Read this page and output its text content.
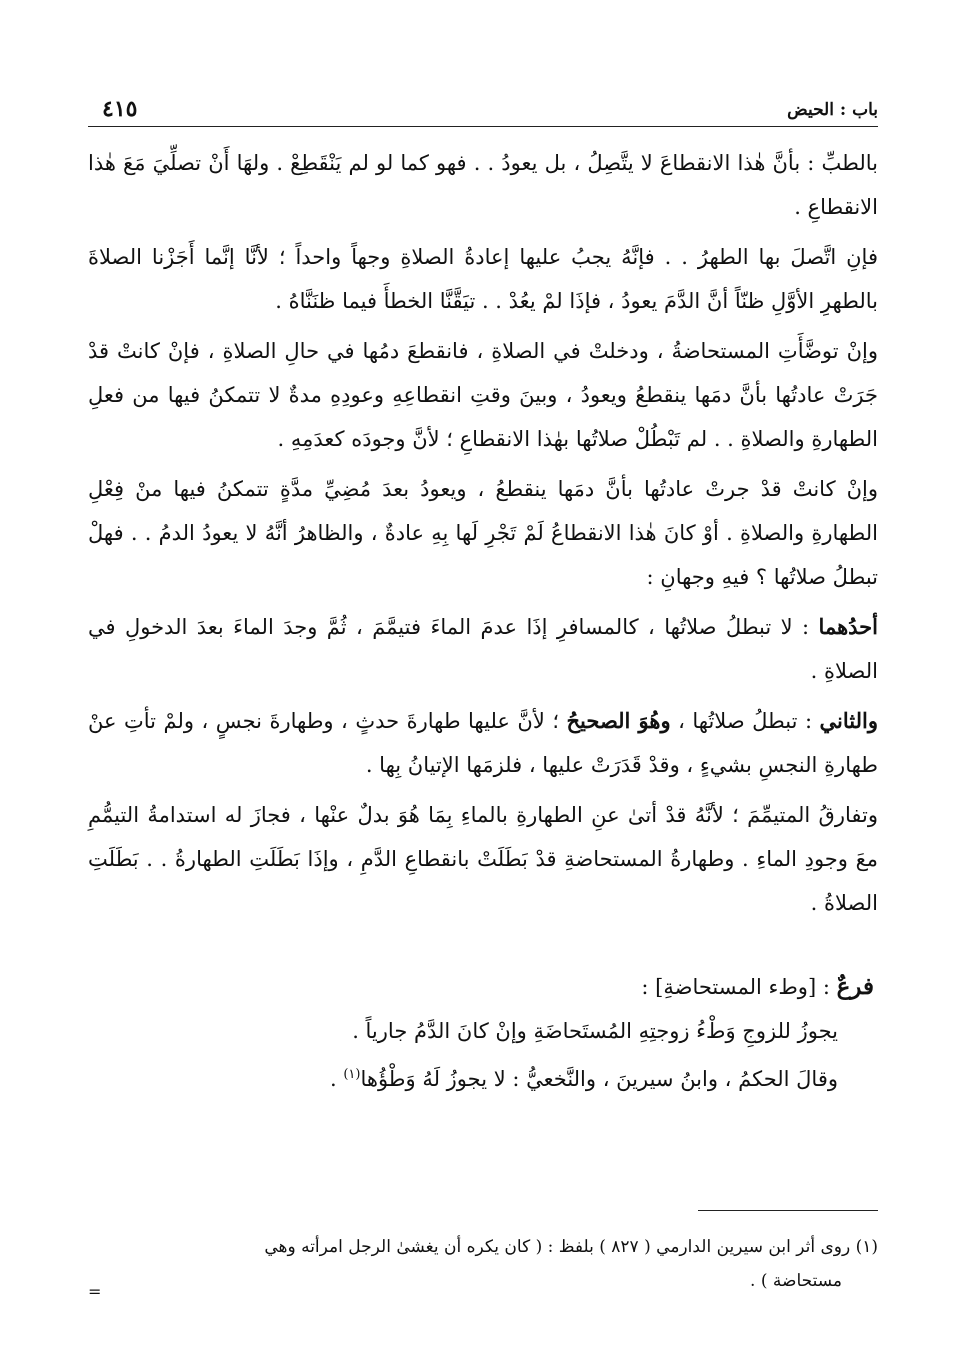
باب : الحيض
٤١٥

بالطبِّ : بأنَّ هٰذا الانقطاعَ لا يتَّصِلُ ، بل يعودُ . . فهو كما لو لم يَنْقَطِعْ . ولهَا أَنْ تصلِّيَ مَعَ هٰذا الانقطاعِ .

فإنِ اتَّصلَ بها الطهرُ . . فإنَّهُ يجبُ عليها إعادةُ الصلاةِ وجهاً واحداً ؛ لأنَّا إنَّما أَجَزْنا الصلاةَ بالطهرِ الأوَّلِ ظنّاً أنَّ الدَّمَ يعودُ ، فإذَا لمْ يعُدْ . . تيَقَّنَّا الخطأَ فيما ظنَنَّاهُ .

وإنْ توضَّأَتِ المستحاضةُ ، ودخلتْ في الصلاةِ ، فانقطعَ دمُها في حالِ الصلاةِ ، فإنْ كانتْ قدْ جَرَتْ عادتُها بأنَّ دمَها ينقطعُ ويعودُ ، وبينَ وقتِ انقطاعِهِ وعودِهِ مدةٌ لا تتمكنُ فيها من فعلِ الطهارةِ والصلاةِ . . لم تَبْطُلْ صلاتُها بهٰذا الانقطاعِ ؛ لأنَّ وجودَه كعدَمِهِ .

وإنْ كانتْ قدْ جرتْ عادتُها بأنَّ دمَها ينقطعُ ، ويعودُ بعدَ مُضِيِّ مدَّةٍ تتمكنُ فيها منْ فِعْلِ الطهارةِ والصلاةِ . أوْ كانَ هٰذا الانقطاعُ لَمْ تَجْرِ لَها بِهِ عادةٌ ، والظاهرُ أنَّهُ لا يعودُ الدمُ . . فهلْ تبطلُ صلاتُها ؟ فيهِ وجهانِ :

أحدُهما : لا تبطلُ صلاتُها ، كالمسافرِ إذَا عدمَ الماءَ فتيمَّمَ ، ثُمَّ وجدَ الماءَ بعدَ الدخولِ في الصلاةِ .

والثاني : تبطلُ صلاتُها ، وهُوَ الصحيحُ ؛ لأنَّ عليها طهارةَ حدثٍ ، وطهارةَ نجسٍ ، ولمْ تأتِ عنْ طهارةِ النجسِ بشيءٍ ، وقدْ قَدَرَتْ عليها ، فلزمَها الإتيانُ بِها .

وتفارقُ المتيمِّمَ ؛ لأنَّهُ قدْ أتىٰ عنِ الطهارةِ بالماءِ بِمَا هُوَ بدلٌ عنْها ، فجازَ له استدامةُ التيمُّمِ معَ وجودِ الماءِ . وطهارةُ المستحاضةِ قدْ بَطَلَتْ بانقطاعِ الدَّمِ ، وإذَا بَطَلَتِ الطهارةُ . . بَطَلَتِ الصلاةُ .

فرعٌ : [وطء المستحاضةِ] :
يجوزُ للزوجِ وَطْءُ زوجتِهِ المُستَحاضَةِ وإنْ كانَ الدَّمُ جارياً .
وقالَ الحكمُ ، وابنُ سيرينَ ، والنَّخعيُّ : لا يجوزُ لَهُ وَطْؤُها$^{(١)}$ .
(١) روى أثر ابن سيرين الدارمي ( ٨٢٧ ) بلفظ : ( كان يكره أن يغشىٰ الرجل امرأته وهي
مستحاضة ) .
=
